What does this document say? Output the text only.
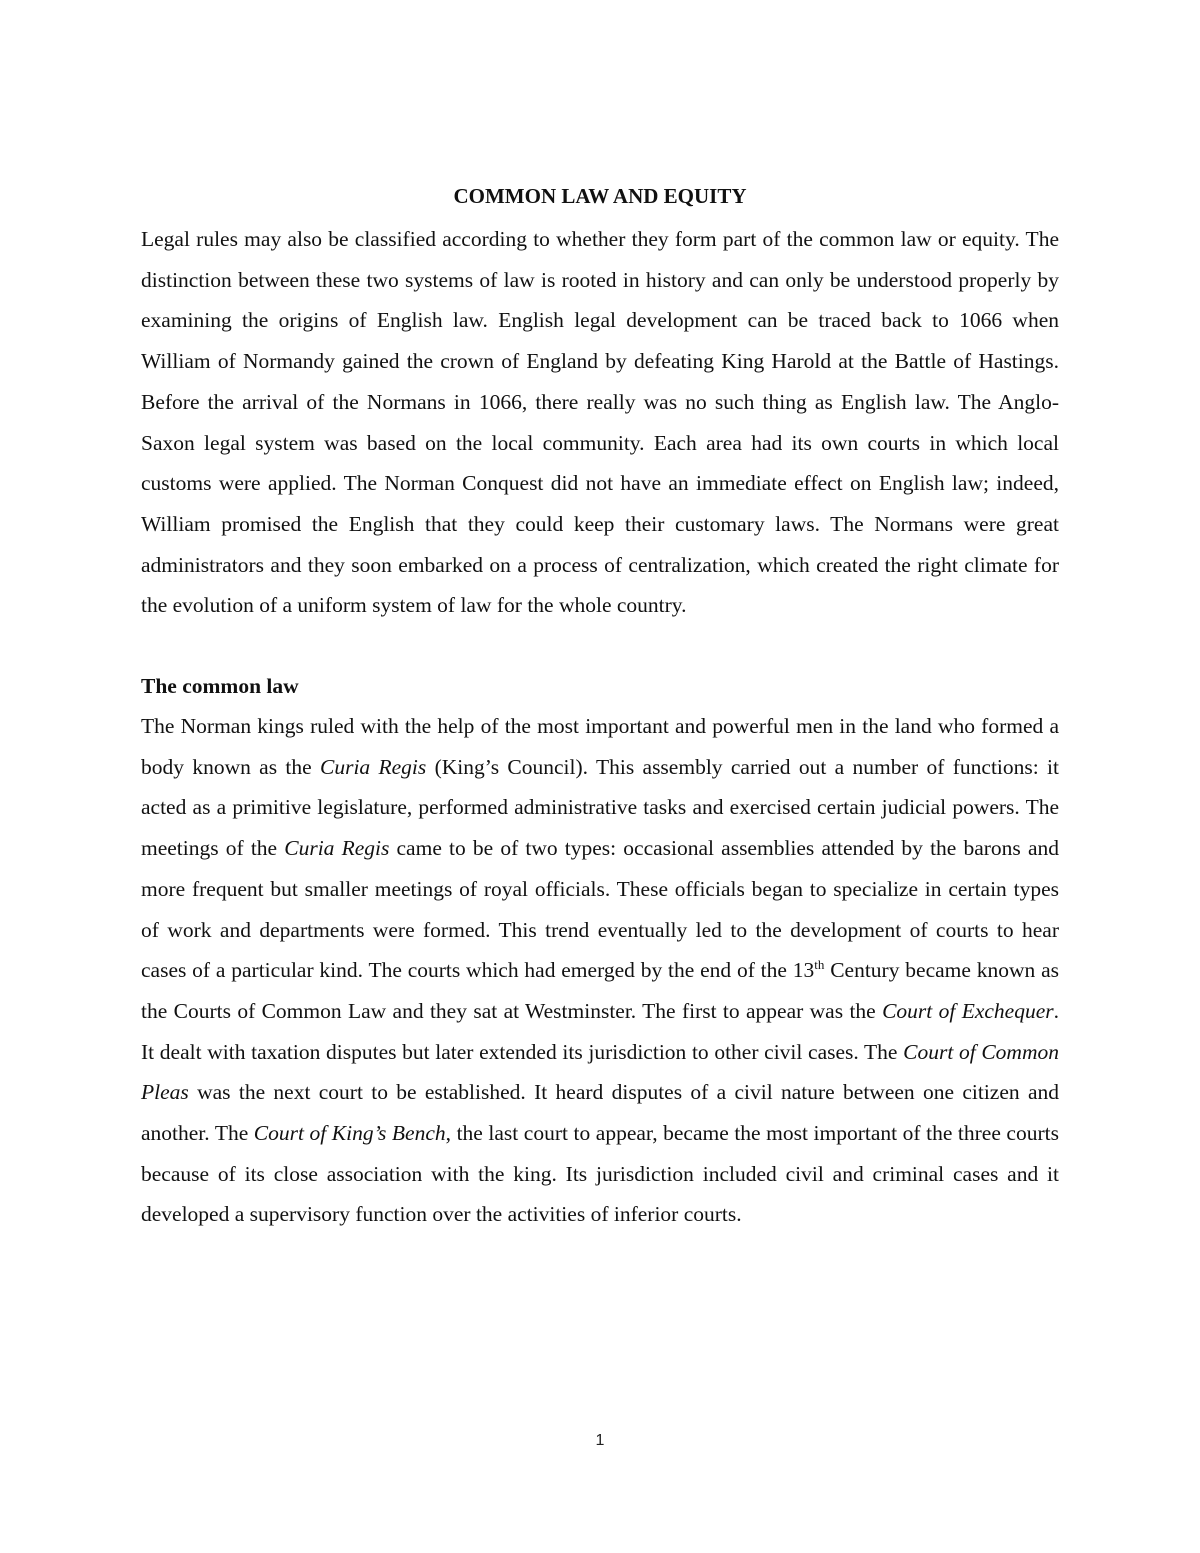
COMMON LAW AND EQUITY

Legal rules may also be classified according to whether they form part of the common law or equity. The distinction between these two systems of law is rooted in history and can only be understood properly by examining the origins of English law. English legal development can be traced back to 1066 when William of Normandy gained the crown of England by defeating King Harold at the Battle of Hastings. Before the arrival of the Normans in 1066, there really was no such thing as English law. The Anglo-Saxon legal system was based on the local community. Each area had its own courts in which local customs were applied. The Norman Conquest did not have an immediate effect on English law; indeed, William promised the English that they could keep their customary laws. The Normans were great administrators and they soon embarked on a process of centralization, which created the right climate for the evolution of a uniform system of law for the whole country.

The common law

The Norman kings ruled with the help of the most important and powerful men in the land who formed a body known as the Curia Regis (King’s Council). This assembly carried out a number of functions: it acted as a primitive legislature, performed administrative tasks and exercised certain judicial powers. The meetings of the Curia Regis came to be of two types: occasional assemblies attended by the barons and more frequent but smaller meetings of royal officials. These officials began to specialize in certain types of work and departments were formed. This trend eventually led to the development of courts to hear cases of a particular kind. The courts which had emerged by the end of the 13th Century became known as the Courts of Common Law and they sat at Westminster. The first to appear was the Court of Exchequer. It dealt with taxation disputes but later extended its jurisdiction to other civil cases. The Court of Common Pleas was the next court to be established. It heard disputes of a civil nature between one citizen and another. The Court of King’s Bench, the last court to appear, became the most important of the three courts because of its close association with the king. Its jurisdiction included civil and criminal cases and it developed a supervisory function over the activities of inferior courts.

1
